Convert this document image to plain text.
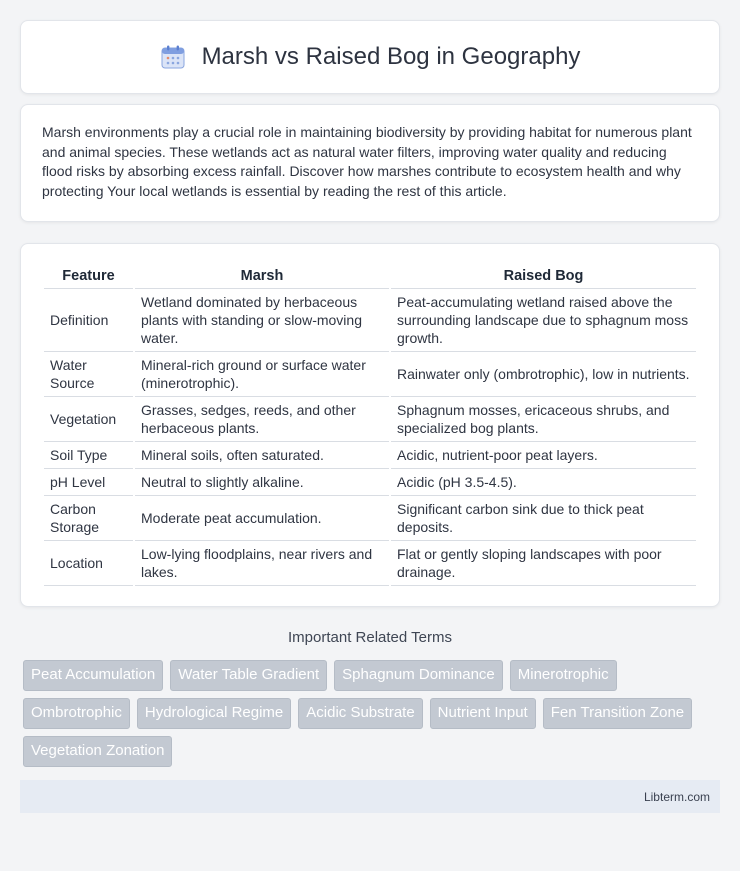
Marsh vs Raised Bog in Geography

Marsh environments play a crucial role in maintaining biodiversity by providing habitat for numerous plant and animal species. These wetlands act as natural water filters, improving water quality and reducing flood risks by absorbing excess rainfall. Discover how marshes contribute to ecosystem health and why protecting Your local wetlands is essential by reading the rest of this article.

Feature	Marsh	Raised Bog
Definition	Wetland dominated by herbaceous plants with standing or slow-moving water.	Peat-accumulating wetland raised above the surrounding landscape due to sphagnum moss growth.
Water Source	Mineral-rich ground or surface water (minerotrophic).	Rainwater only (ombrotrophic), low in nutrients.
Vegetation	Grasses, sedges, reeds, and other herbaceous plants.	Sphagnum mosses, ericaceous shrubs, and specialized bog plants.
Soil Type	Mineral soils, often saturated.	Acidic, nutrient-poor peat layers.
pH Level	Neutral to slightly alkaline.	Acidic (pH 3.5-4.5).
Carbon Storage	Moderate peat accumulation.	Significant carbon sink due to thick peat deposits.
Location	Low-lying floodplains, near rivers and lakes.	Flat or gently sloping landscapes with poor drainage.
Important Related Terms
Peat Accumulation	Water Table Gradient	Sphagnum Dominance	Minerotrophic
Ombrotrophic	Hydrological Regime	Acidic Substrate	Nutrient Input	Fen Transition Zone
Vegetation Zonation
Libterm.com
